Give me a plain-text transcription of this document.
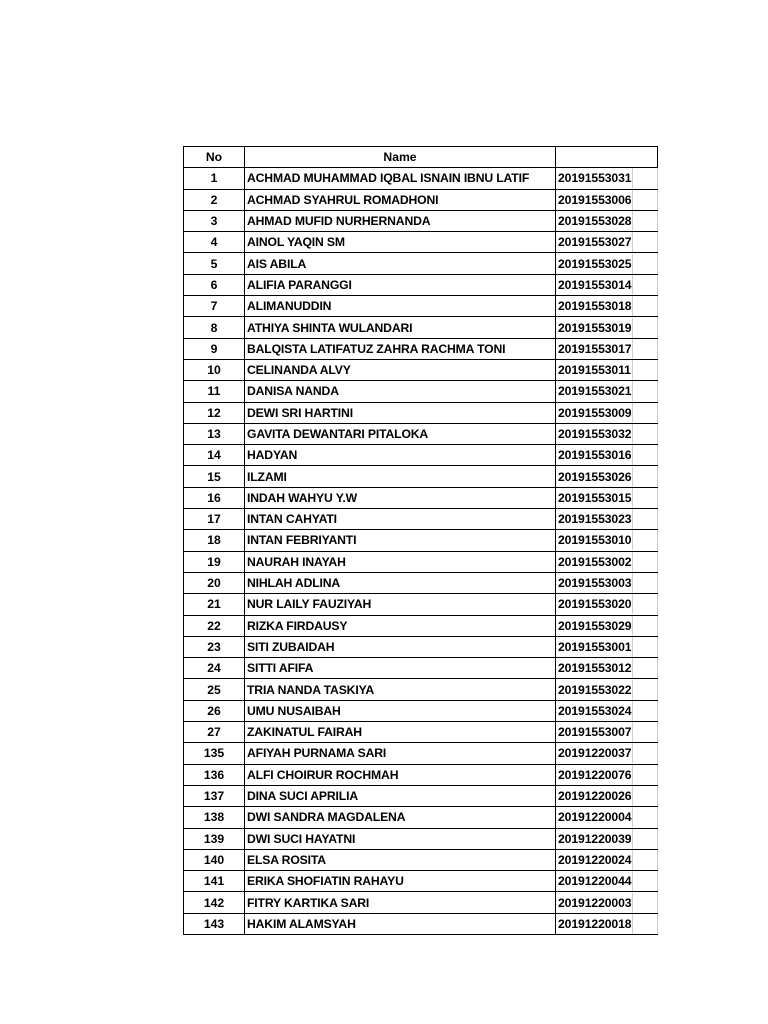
No	Name	
1	ACHMAD MUHAMMAD IQBAL ISNAIN IBNU LATIF	20191553031
2	ACHMAD SYAHRUL ROMADHONI	20191553006
3	AHMAD MUFID NURHERNANDA	20191553028
4	AINOL YAQIN SM	20191553027
5	AIS ABILA	20191553025
6	ALIFIA PARANGGI	20191553014
7	ALIMANUDDIN	20191553018
8	ATHIYA SHINTA WULANDARI	20191553019
9	BALQISTA LATIFATUZ ZAHRA RACHMA TONI	20191553017
10	CELINANDA ALVY	20191553011
11	DANISA NANDA	20191553021
12	DEWI SRI HARTINI	20191553009
13	GAVITA DEWANTARI PITALOKA	20191553032
14	HADYAN	20191553016
15	ILZAMI	20191553026
16	INDAH WAHYU Y.W	20191553015
17	INTAN CAHYATI	20191553023
18	INTAN FEBRIYANTI	20191553010
19	NAURAH INAYAH	20191553002
20	NIHLAH ADLINA	20191553003
21	NUR LAILY FAUZIYAH	20191553020
22	RIZKA FIRDAUSY	20191553029
23	SITI ZUBAIDAH	20191553001
24	SITTI AFIFA	20191553012
25	TRIA NANDA TASKIYA	20191553022
26	UMU NUSAIBAH	20191553024
27	ZAKINATUL FAIRAH	20191553007
135	AFIYAH PURNAMA SARI	20191220037
136	ALFI CHOIRUR ROCHMAH	20191220076
137	DINA SUCI APRILIA	20191220026
138	DWI SANDRA MAGDALENA	20191220004
139	DWI SUCI HAYATNI	20191220039
140	ELSA ROSITA	20191220024
141	ERIKA SHOFIATIN RAHAYU	20191220044
142	FITRY KARTIKA SARI	20191220003
143	HAKIM ALAMSYAH	20191220018
